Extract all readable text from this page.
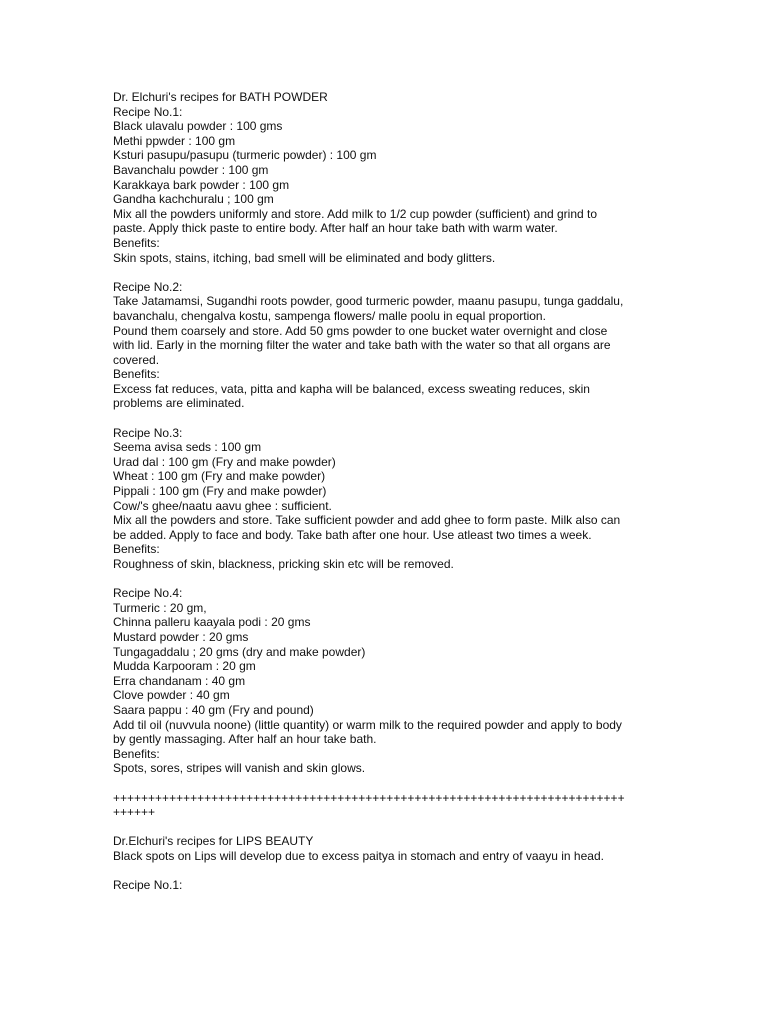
Dr. Elchuri's recipes for BATH POWDER
Recipe No.1:
Black ulavalu powder : 100 gms
Methi ppwder : 100 gm
Ksturi pasupu/pasupu (turmeric powder) : 100 gm
Bavanchalu powder : 100 gm
Karakkaya bark powder : 100 gm
Gandha kachchuralu ; 100 gm
Mix all the powders uniformly and store. Add milk to 1/2 cup powder (sufficient) and grind to
paste. Apply thick paste to entire body. After half an hour take bath with warm water.
Benefits:
Skin spots, stains, itching, bad smell will be eliminated and body glitters.
Recipe No.2:
Take Jatamamsi, Sugandhi roots powder, good turmeric powder, maanu pasupu, tunga gaddalu,
bavanchalu, chengalva kostu, sampenga flowers/ malle poolu in equal proportion.
Pound them coarsely and store. Add 50 gms powder to one bucket water overnight and close
with lid. Early in the morning filter the water and take bath with the water so that all organs are
covered.
Benefits:
Excess fat reduces, vata, pitta and kapha will be balanced, excess sweating reduces, skin
problems are eliminated.
Recipe No.3:
Seema avisa seds : 100 gm
Urad dal : 100 gm (Fry and make powder)
Wheat : 100 gm (Fry and make powder)
Pippali : 100 gm (Fry and make powder)
Cow/'s ghee/naatu aavu ghee : sufficient.
Mix all the powders and store. Take sufficient powder and add ghee to form paste. Milk also can
be added. Apply to face and body. Take bath after one hour. Use atleast two times a week.
Benefits:
Roughness of skin, blackness, pricking skin etc will be removed.
Recipe No.4:
Turmeric : 20 gm,
Chinna palleru kaayala podi : 20 gms
Mustard powder : 20 gms
Tungagaddalu ; 20 gms (dry and make powder)
Mudda Karpooram : 20 gm
Erra chandanam : 40 gm
Clove powder : 40 gm
Saara pappu : 40 gm (Fry and pound)
Add til oil (nuvvula noone) (little quantity) or warm milk to the required powder and apply to body
by gently massaging. After half an hour take bath.
Benefits:
Spots, sores, stripes will vanish and skin glows.
+++++++++++++++++++++++++++++++++++++++++++++++++++++++++++++++++++++++++
++++++
Dr.Elchuri's recipes for LIPS BEAUTY
Black spots on Lips will develop due to excess paitya in stomach and entry of vaayu in head.
Recipe No.1:
